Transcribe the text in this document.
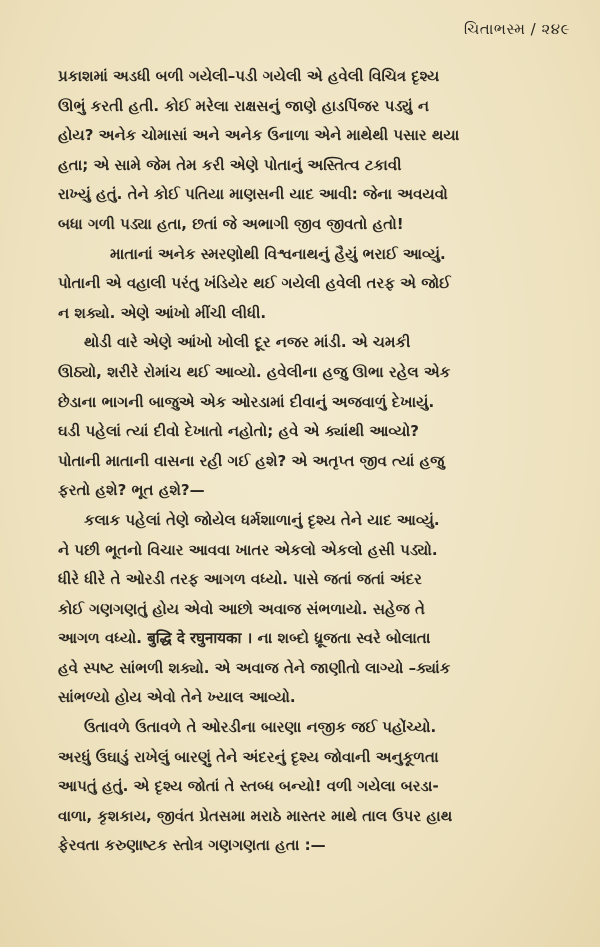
ચિતાભસ્મ / ૨૪૯

પ્રકાશમાં અડધી બળી ગયેલી–પડી ગયેલી એ હવેલી વિચિત્ર દૃશ્ય
ઊભું કરતી હતી. કોઈ મરેલા રાક્ષસનું જાણે હાડપિંજર પડ્યું ન
હોય? અનેક ચોમાસાં અને અનેક ઉનાળા એને માથેથી પસાર થયા
હતા; એ સામે જેમ તેમ કરી એણે પોતાનું અસ્તિત્વ ટકાવી
રાખ્યું હતું. તેને કોઈ પતિયા માણસની યાદ આવી: જેના અવયવો
બધા ગળી પડ્યા હતા, છતાં જે અભાગી જીવ જીવતો હતો!

માતાનાં અનેક સ્મરણોથી વિશ્વનાથનું હૈયું ભરાઈ આવ્યું.
પોતાની એ વહાલી પરંતુ ખંડિયેર થઈ ગયેલી હવેલી તરફ એ જોઈ
ન શક્યો. એણે આંખો મીંચી લીધી.

થોડી વારે એણે આંખો ખોલી દૂર નજર માંડી. એ ચમકી
ઊઠ્યો, શરીરે રોમાંચ થઈ આવ્યો. હવેલીના હજુ ઊભા રહેલ એક
છેડાના ભાગની બાજુએ એક ઓરડામાં દીવાનું અજવાળું દેખાયું.
ઘડી પહેલાં ત્યાં દીવો દેખાતો નહોતો; હવે એ ક્યાંથી આવ્યો?
પોતાની માતાની વાસના રહી ગઈ હશે? એ અતૃપ્ત જીવ ત્યાં હજુ
ફરતો હશે? ભૂત હશે?—

કલાક પહેલાં તેણે જોયેલ ધર્મશાળાનું દૃશ્ય તેને યાદ આવ્યું.
ને પછી ભૂતનો વિચાર આવવા ખાતર એકલો એકલો હસી પડ્યો.
ધીરે ધીરે તે ઓરડી તરફ આગળ વધ્યો. પાસે જતાં જતાં અંદર
કોઈ ગણગણતું હોય એવો આછો અવાજ સંભળાયો. સહેજ તે
આગળ વધ્યો. बुद्धि दे रघुनायका । ના શબ્દો ધ્રૂજતા સ્વરે બોલાતા
હવે સ્પષ્ટ સાંભળી શક્યો. એ અવાજ તેને જાણીતો લાગ્યો –ક્યાંક
સાંભળ્યો હોય એવો તેને ખ્યાલ આવ્યો.

ઉતાવળે ઉતાવળે તે ઓરડીના બારણા નજીક જઈ પહોંચ્યો.
અરધું ઉઘાડું રાખેલું બારણું તેને અંદરનું દૃશ્ય જોવાની અનુકૂળતા
આપતું હતું. એ દૃશ્ય જોતાં તે સ્તબ્ધ બન્યો! વળી ગયેલા બરડા-
વાળા, કૃશકાય, જીવંત પ્રેતસમા મરાઠે માસ્તર માથે તાલ ઉપર હાથ
ફેરવતા કરુણાષ્ટક સ્તોત્ર ગણગણતા હતા :—
